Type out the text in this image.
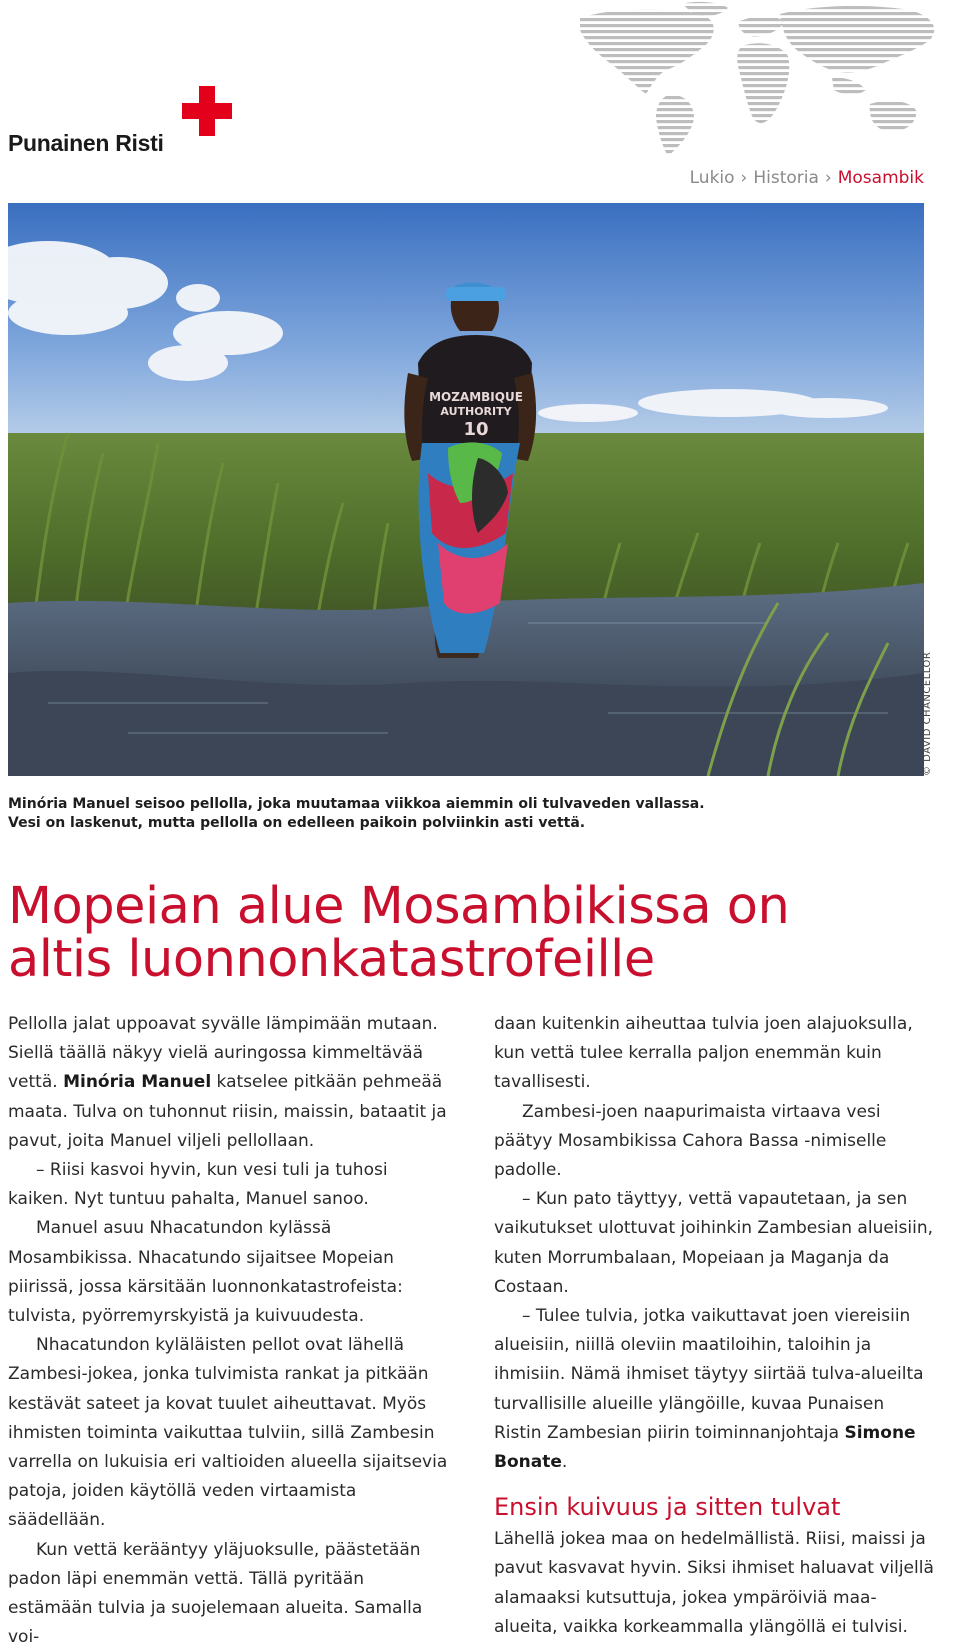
Punainen Risti
Lukio › Historia › Mosambik
MOZAMBIQUE
AUTHORITY
10
© DAVID CHANCELLOR
Minória Manuel seisoo pellolla, joka muutamaa viikkoa aiemmin oli tulvaveden vallassa.
Vesi on laskenut, mutta pellolla on edelleen paikoin polviinkin asti vettä.
Mopeian alue Mosambikissa on
altis luonnonkatastrofeille

Pellolla jalat uppoavat syvälle lämpimään mutaan. Siellä täällä näkyy vielä auringossa kimmeltävää vettä. Minória Manuel katselee pitkään pehmeää maata. Tulva on tuhonnut riisin, maissin, bataatit ja pavut, joita Manuel viljeli pellollaan.

– Riisi kasvoi hyvin, kun vesi tuli ja tuhosi kaiken. Nyt tuntuu pahalta, Manuel sanoo.

Manuel asuu Nhacatundon kylässä Mosambikissa. Nhacatundo sijaitsee Mopeian piirissä, jossa kärsitään luonnonkatastrofeista: tulvista, pyörremyrskyistä ja kuivuudesta.

Nhacatundon kyläläisten pellot ovat lähellä Zambesi-jokea, jonka tulvimista rankat ja pitkään kestävät sateet ja kovat tuulet aiheuttavat. Myös ihmisten toiminta vaikuttaa tulviin, sillä Zambesin varrella on lukuisia eri valtioiden alueella sijaitsevia patoja, joiden käytöllä veden virtaamista säädellään.

Kun vettä kerääntyy yläjuoksulle, päästetään padon läpi enemmän vettä. Tällä pyritään estämään tulvia ja suojelemaan alueita. Samalla voi-

daan kuitenkin aiheuttaa tulvia joen alajuoksulla, kun vettä tulee kerralla paljon enemmän kuin tavallisesti.

Zambesi-joen naapurimaista virtaava vesi päätyy Mosambikissa Cahora Bassa -nimiselle padolle.

– Kun pato täyttyy, vettä vapautetaan, ja sen vaikutukset ulottuvat joihinkin Zambesian alueisiin, kuten Morrumbalaan, Mopeiaan ja Maganja da Costaan.

– Tulee tulvia, jotka vaikuttavat joen viereisiin alueisiin, niillä oleviin maatiloihin, taloihin ja ihmisiin. Nämä ihmiset täytyy siirtää tulva-alueilta turvallisille alueille ylängöille, kuvaa Punaisen Ristin Zambesian piirin toiminnanjohtaja Simone Bonate.

Ensin kuivuus ja sitten tulvat

Lähellä jokea maa on hedelmällistä. Riisi, maissi ja pavut kasvavat hyvin. Siksi ihmiset haluavat viljellä alamaaksi kutsuttuja, jokea ympäröiviä maa-alueita, vaikka korkeammalla ylängöllä ei tulvisi.
